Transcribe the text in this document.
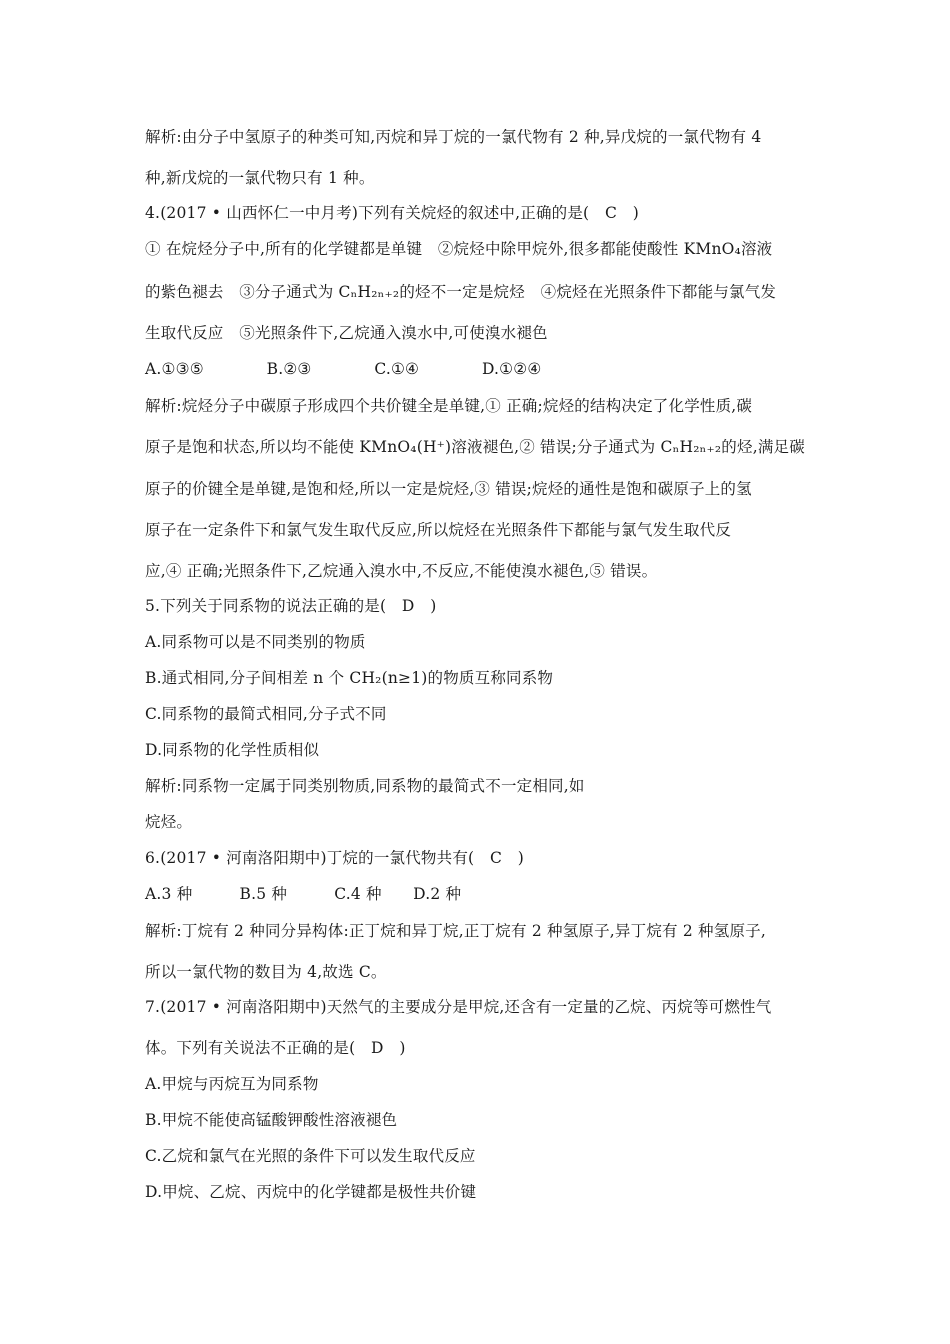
解析:由分子中氢原子的种类可知,丙烷和异丁烷的一氯代物有 2 种,异戊烷的一氯代物有 4
种,新戊烷的一氯代物只有 1 种。
4.(2017 • 山西怀仁一中月考)下列有关烷烃的叙述中,正确的是(　C　)
① 在烷烃分子中,所有的化学键都是单键　②烷烃中除甲烷外,很多都能使酸性 KMnO₄溶液
的紫色褪去　③分子通式为 CₙH₂ₙ₊₂的烃不一定是烷烃　④烷烃在光照条件下都能与氯气发
生取代反应　⑤光照条件下,乙烷通入溴水中,可使溴水褪色
A.①③⑤　　　　B.②③　　　　C.①④　　　　D.①②④
解析:烷烃分子中碳原子形成四个共价键全是单键,① 正确;烷烃的结构决定了化学性质,碳
原子是饱和状态,所以均不能使 KMnO₄(H⁺)溶液褪色,② 错误;分子通式为 CₙH₂ₙ₊₂的烃,满足碳
原子的价键全是单键,是饱和烃,所以一定是烷烃,③ 错误;烷烃的通性是饱和碳原子上的氢
原子在一定条件下和氯气发生取代反应,所以烷烃在光照条件下都能与氯气发生取代反
应,④ 正确;光照条件下,乙烷通入溴水中,不反应,不能使溴水褪色,⑤ 错误。
5.下列关于同系物的说法正确的是(　D　)
A.同系物可以是不同类别的物质
B.通式相同,分子间相差 n 个 CH₂(n≥1)的物质互称同系物
C.同系物的最简式相同,分子式不同
D.同系物的化学性质相似
解析:同系物一定属于同类别物质,同系物的最简式不一定相同,如
烷烃。
6.(2017 • 河南洛阳期中)丁烷的一氯代物共有(　C　)
A.3 种　　　B.5 种　　　C.4 种　　D.2 种
解析:丁烷有 2 种同分异构体:正丁烷和异丁烷,正丁烷有 2 种氢原子,异丁烷有 2 种氢原子,
所以一氯代物的数目为 4,故选 C。
7.(2017 • 河南洛阳期中)天然气的主要成分是甲烷,还含有一定量的乙烷、丙烷等可燃性气
体。下列有关说法不正确的是(　D　)
A.甲烷与丙烷互为同系物
B.甲烷不能使高锰酸钾酸性溶液褪色
C.乙烷和氯气在光照的条件下可以发生取代反应
D.甲烷、乙烷、丙烷中的化学键都是极性共价键
